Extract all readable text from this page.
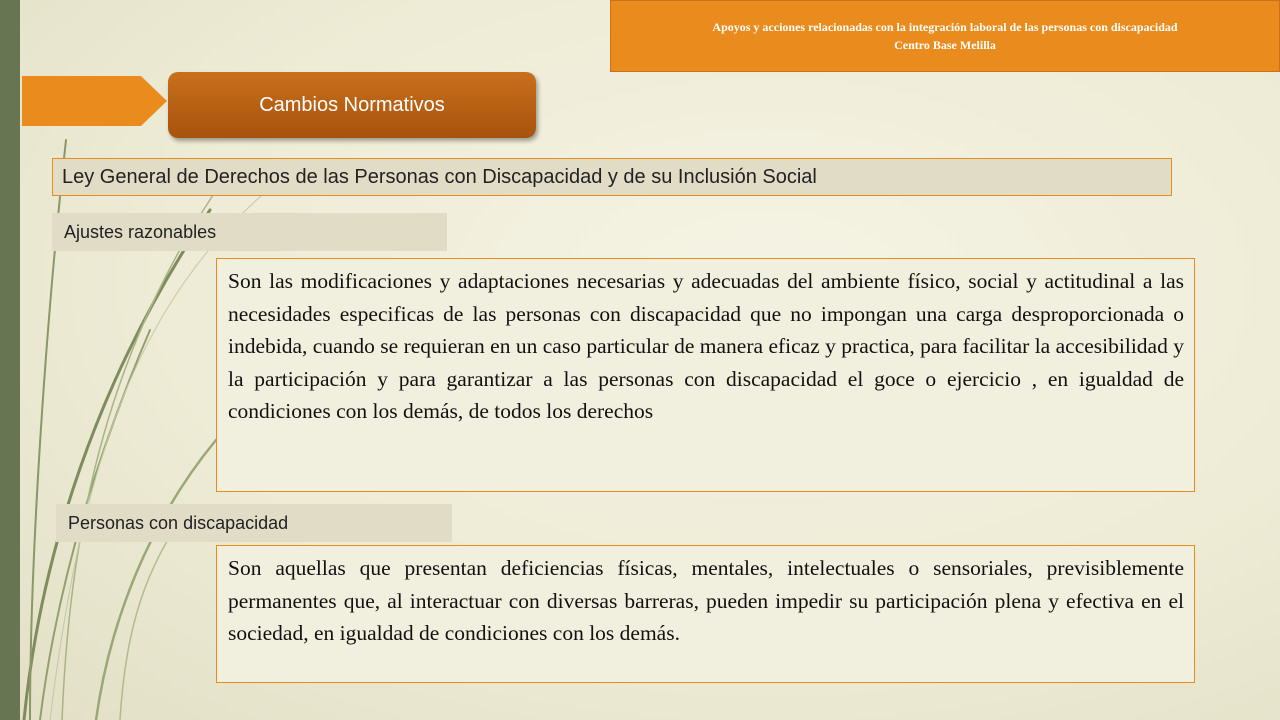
Apoyos y acciones relacionadas con la integración laboral de las personas con discapacidad
Centro Base Melilla
Cambios Normativos
Ley General de Derechos de las Personas con Discapacidad y de su Inclusión Social
Ajustes razonables
Son las modificaciones y adaptaciones necesarias y adecuadas del ambiente físico, social y actitudinal a las necesidades especificas de las personas con discapacidad que no impongan una carga desproporcionada o indebida, cuando se requieran en un caso particular de manera eficaz y practica, para facilitar la accesibilidad y la participación y para garantizar a las personas con discapacidad el goce o ejercicio , en igualdad de condiciones con los demás, de todos los derechos
Personas con discapacidad
Son aquellas que presentan deficiencias físicas, mentales, intelectuales o sensoriales, previsiblemente permanentes que, al interactuar con diversas barreras, pueden impedir su participación plena y efectiva en el sociedad, en igualdad de condiciones con los demás.
